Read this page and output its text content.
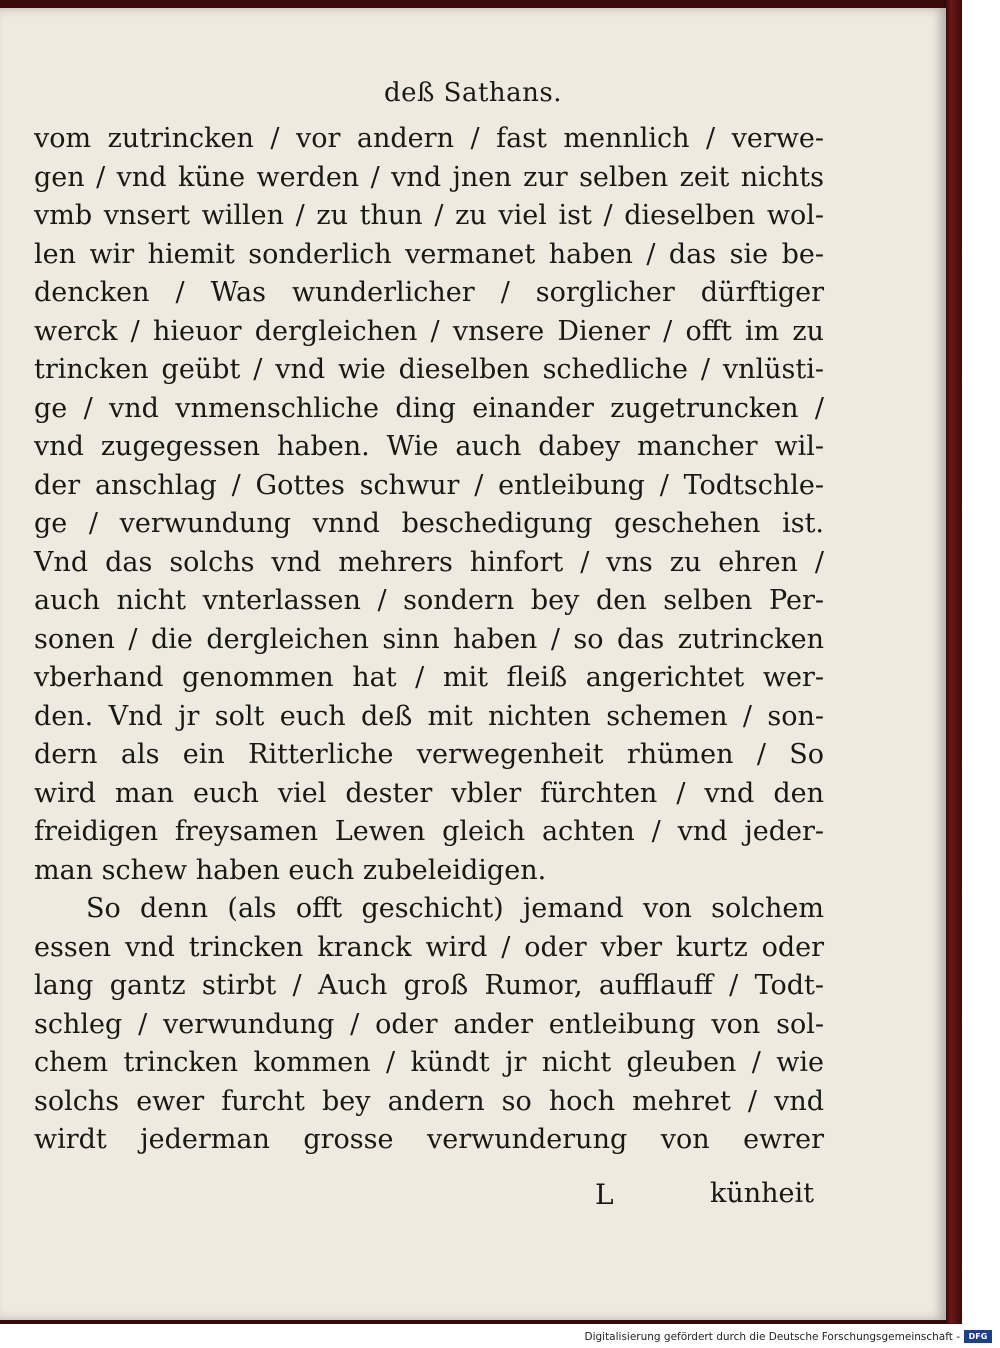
deß Sathans.
vom zutrincken / vor andern / fast mennlich / verwe-
gen / vnd küne werden / vnd jnen zur selben zeit nichts
vmb vnsert willen / zu thun / zu viel ist / dieselben wol-
len wir hiemit sonderlich vermanet haben / das sie be-
dencken / Was wunderlicher / sorglicher dürftiger
werck / hieuor dergleichen / vnsere Diener / offt im zu
trincken geübt / vnd wie dieselben schedliche / vnlüsti-
ge / vnd vnmenschliche ding einander zugetruncken /
vnd zugegessen haben. Wie auch dabey mancher wil-
der anschlag / Gottes schwur / entleibung / Todtschle-
ge / verwundung vnnd beschedigung geschehen ist.
Vnd das solchs vnd mehrers hinfort / vns zu ehren /
auch nicht vnterlassen / sondern bey den selben Per-
sonen / die dergleichen sinn haben / so das zutrincken
vberhand genommen hat / mit fleiß angerichtet wer-
den. Vnd jr solt euch deß mit nichten schemen / son-
dern als ein Ritterliche verwegenheit rhümen / So
wird man euch viel dester vbler fürchten / vnd den
freidigen freysamen Lewen gleich achten / vnd jeder-
man schew haben euch zubeleidigen.
So denn (als offt geschicht) jemand von solchem
essen vnd trincken kranck wird / oder vber kurtz oder
lang gantz stirbt / Auch groß Rumor, aufflauff / Todt-
schleg / verwundung / oder ander entleibung von sol-
chem trincken kommen / kündt jr nicht gleuben / wie
solchs ewer furcht bey andern so hoch mehret / vnd
wirdt jederman grosse verwunderung von ewrer
L	künheit
Digitalisierung gefördert durch die Deutsche Forschungsgemeinschaft -	DFG
